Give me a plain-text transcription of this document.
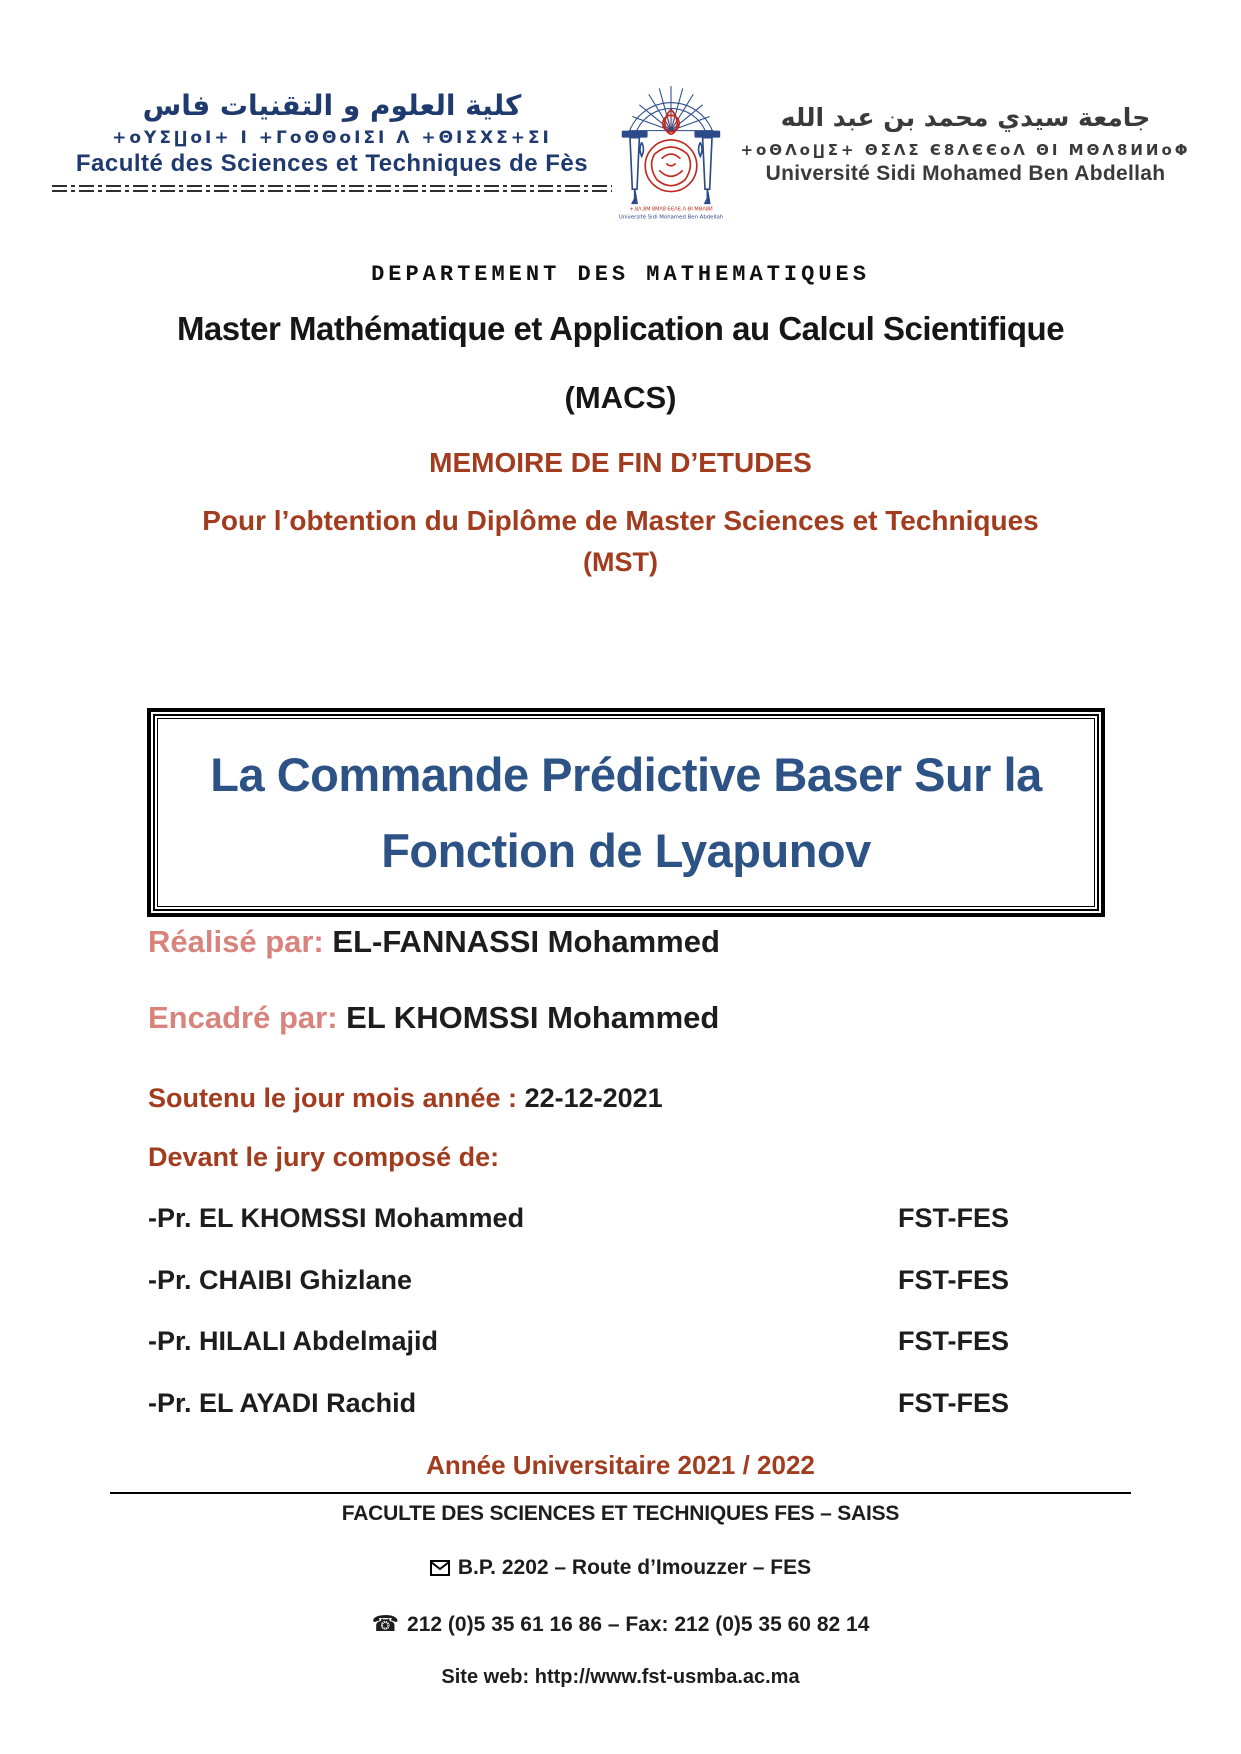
كلية العلوم و التقنيات فاس
+oYΣ∐oI+ I +ΓoΘΘoIΣI Λ +ΘIΣXΣ+ΣI
Faculté des Sciences et Techniques de Fès
+.8Λ.8M 8MΛ8 ЄЄΛЄ.Λ ΘI MΘΛ8И
Université Sidi Mohamed Ben Abdellah
جامعة سيدي محمد بن عبد الله
+oΘΛo∐Σ+ ΘΣΛΣ Є8ΛЄЄoΛ ΘI MΘΛ8ИИoΦ
Université Sidi Mohamed Ben Abdellah
DEPARTEMENT DES MATHEMATIQUES
Master Mathématique et Application au Calcul Scientifique
(MACS)
MEMOIRE DE FIN D’ETUDES
Pour l’obtention du Diplôme de Master Sciences et Techniques
(MST)
La Commande Prédictive Baser Sur la
Fonction de Lyapunov
Réalisé par: EL-FANNASSI Mohammed
Encadré par: EL KHOMSSI Mohammed
Soutenu le jour mois année : 22-12-2021
Devant le jury composé de:
-Pr. EL KHOMSSI Mohammed	FST-FES
-Pr. CHAIBI Ghizlane	FST-FES
-Pr. HILALI Abdelmajid	FST-FES
-Pr. EL AYADI Rachid	FST-FES
Année Universitaire 2021 / 2022
FACULTE DES SCIENCES ET TECHNIQUES FES – SAISS
B.P. 2202 – Route d’Imouzzer – FES
☎ 212 (0)5 35 61 16 86 – Fax: 212 (0)5 35 60 82 14
Site web: http://www.fst-usmba.ac.ma
